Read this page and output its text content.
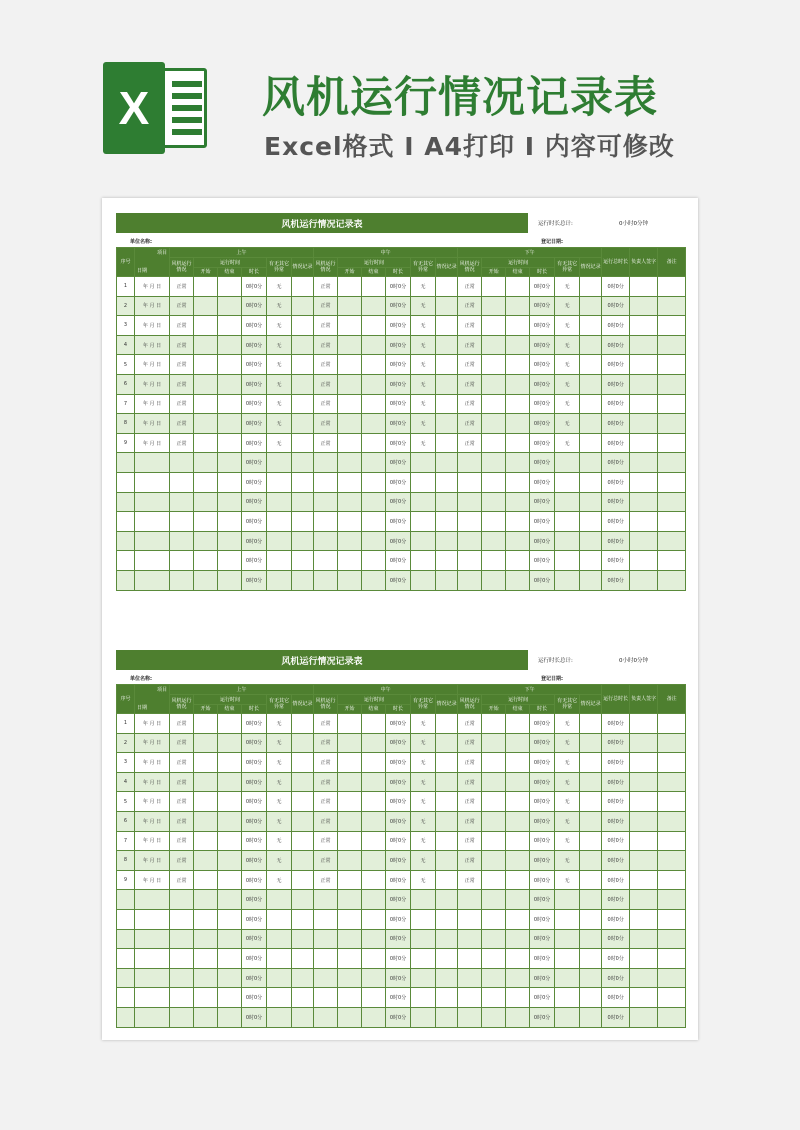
X	风机运行情况记录表
Excel格式 I A4打印 I 内容可修改
风机运行情况记录表	运行时长总计:	0小时0分钟
单位名称:	登记日期:
序号	项目
日期	上午						中午						下午						运行总时长	负责人签字	备注
		风机运行情况	运行时间			有无其它异常	情况记录	风机运行情况	运行时间			有无其它异常	情况记录	风机运行情况	运行时间			有无其它异常	情况记录			
			开始	结束	时长				开始	结束	时长				开始	结束	时长					
1	年 月 日	正常			0时0分	无		正常			0时0分	无		正常			0时0分	无		0时0分		
2	年 月 日	正常			0时0分	无		正常			0时0分	无		正常			0时0分	无		0时0分		
3	年 月 日	正常			0时0分	无		正常			0时0分	无		正常			0时0分	无		0时0分		
4	年 月 日	正常			0时0分	无		正常			0时0分	无		正常			0时0分	无		0时0分		
5	年 月 日	正常			0时0分	无		正常			0时0分	无		正常			0时0分	无		0时0分		
6	年 月 日	正常			0时0分	无		正常			0时0分	无		正常			0时0分	无		0时0分		
7	年 月 日	正常			0时0分	无		正常			0时0分	无		正常			0时0分	无		0时0分		
8	年 月 日	正常			0时0分	无		正常			0时0分	无		正常			0时0分	无		0时0分		
9	年 月 日	正常			0时0分	无		正常			0时0分	无		正常			0时0分	无		0时0分		
					0时0分						0时0分						0时0分			0时0分		
					0时0分						0时0分						0时0分			0时0分		
					0时0分						0时0分						0时0分			0时0分		
					0时0分						0时0分						0时0分			0时0分		
					0时0分						0时0分						0时0分			0时0分		
					0时0分						0时0分						0时0分			0时0分		
					0时0分						0时0分						0时0分			0时0分		
风机运行情况记录表	运行时长总计:	0小时0分钟
单位名称:	登记日期:
序号	项目
日期	上午						中午						下午						运行总时长	负责人签字	备注
		风机运行情况	运行时间			有无其它异常	情况记录	风机运行情况	运行时间			有无其它异常	情况记录	风机运行情况	运行时间			有无其它异常	情况记录			
			开始	结束	时长				开始	结束	时长				开始	结束	时长					
1	年 月 日	正常			0时0分	无		正常			0时0分	无		正常			0时0分	无		0时0分		
2	年 月 日	正常			0时0分	无		正常			0时0分	无		正常			0时0分	无		0时0分		
3	年 月 日	正常			0时0分	无		正常			0时0分	无		正常			0时0分	无		0时0分		
4	年 月 日	正常			0时0分	无		正常			0时0分	无		正常			0时0分	无		0时0分		
5	年 月 日	正常			0时0分	无		正常			0时0分	无		正常			0时0分	无		0时0分		
6	年 月 日	正常			0时0分	无		正常			0时0分	无		正常			0时0分	无		0时0分		
7	年 月 日	正常			0时0分	无		正常			0时0分	无		正常			0时0分	无		0时0分		
8	年 月 日	正常			0时0分	无		正常			0时0分	无		正常			0时0分	无		0时0分		
9	年 月 日	正常			0时0分	无		正常			0时0分	无		正常			0时0分	无		0时0分		
					0时0分						0时0分						0时0分			0时0分		
					0时0分						0时0分						0时0分			0时0分		
					0时0分						0时0分						0时0分			0时0分		
					0时0分						0时0分						0时0分			0时0分		
					0时0分						0时0分						0时0分			0时0分		
					0时0分						0时0分						0时0分			0时0分		
					0时0分						0时0分						0时0分			0时0分		
